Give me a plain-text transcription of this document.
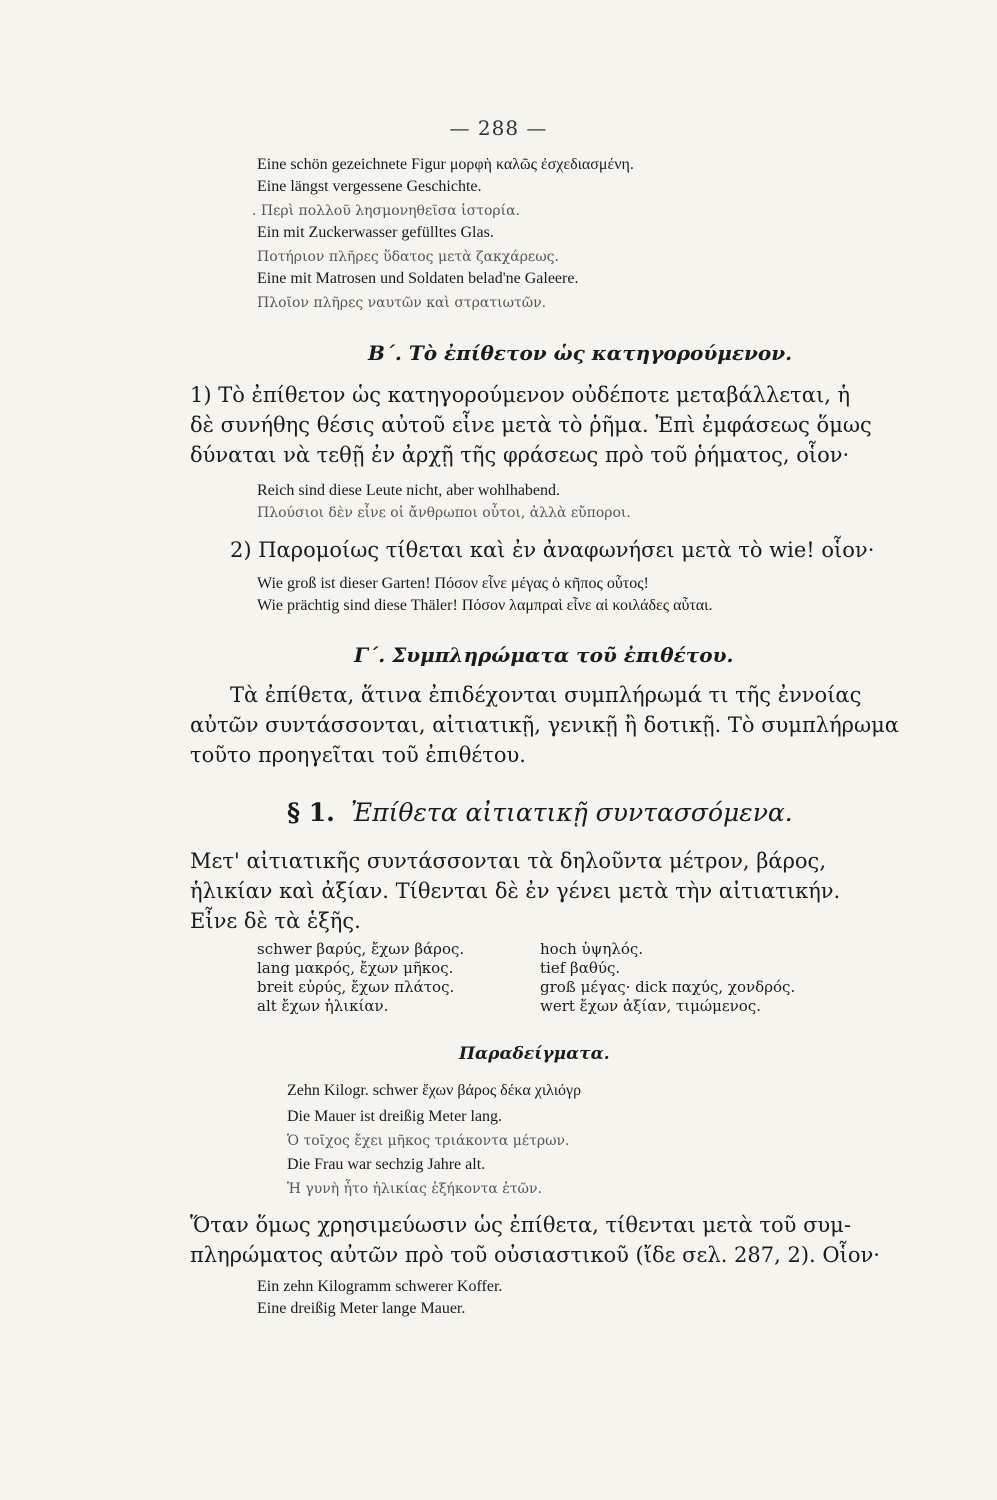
— 288 —
Eine schön gezeichnete Figur μορφὴ καλῶς ἐσχεδιασμένη.
Eine längst vergessene Geschichte.
. Περὶ πολλοῦ λησμονηθεῖσα ἱστορία.
Ein mit Zuckerwasser gefülltes Glas.
Ποτήριον πλῆρες ὕδατος μετὰ ζακχάρεως.
Eine mit Matrosen und Soldaten belad'ne Galeere.
Πλοῖον πλῆρες ναυτῶν καὶ στρατιωτῶν.
Β΄. Τὸ ἐπίθετον ὡς κατηγορούμενον.
1) Τὸ ἐπίθετον ὡς κατηγορούμενον οὐδέποτε μεταβάλλεται, ἡ
δὲ συνήθης θέσις αὐτοῦ εἶνε μετὰ τὸ ῥῆμα. Ἐπὶ ἐμφάσεως ὅμως
δύναται νὰ τεθῇ ἐν ἀρχῇ τῆς φράσεως πρὸ τοῦ ῥήματος, οἷον·
Reich sind diese Leute nicht, aber wohlhabend.
Πλούσιοι δὲν εἶνε οἱ ἄνθρωποι οὗτοι, ἀλλὰ εὔποροι.
2) Παρομοίως τίθεται καὶ ἐν ἀναφωνήσει μετὰ τὸ wie! οἷον·
Wie groß ist dieser Garten! Πόσον εἶνε μέγας ὁ κῆπος οὗτος!
Wie prächtig sind diese Thäler! Πόσον λαμπραὶ εἶνε αἱ κοιλάδες αὗται.
Γ΄. Συμπληρώματα τοῦ ἐπιθέτου.
Τὰ ἐπίθετα, ἅτινα ἐπιδέχονται συμπλήρωμά τι τῆς ἐννοίας
αὐτῶν συντάσσονται, αἰτιατικῇ, γενικῇ ἢ δοτικῇ. Τὸ συμπλήρωμα
τοῦτο προηγεῖται τοῦ ἐπιθέτου.
§ 1. Ἐπίθετα αἰτιατικῇ συντασσόμενα.
Μετ' αἰτιατικῆς συντάσσονται τὰ δηλοῦντα μέτρον, βάρος,
ἡλικίαν καὶ ἀξίαν. Τίθενται δὲ ἐν γένει μετὰ τὴν αἰτιατικήν.
Εἶνε δὲ τὰ ἑξῆς.
schwer βαρύς, ἔχων βάρος.
lang μακρός, ἔχων μῆκος.
breit εὐρύς, ἔχων πλάτος.
alt ἔχων ἡλικίαν.
hoch ὑψηλός.
tief βαθύς.
groß μέγας· dick παχύς, χονδρός.
wert ἔχων ἀξίαν, τιμώμενος.
Παραδείγματα.
Zehn Kilogr. schwer ἔχων βάρος δέκα χιλιόγρ
Die Mauer ist dreißig Meter lang.
Ὁ τοῖχος ἔχει μῆκος τριάκοντα μέτρων.
Die Frau war sechzig Jahre alt.
Ἡ γυνὴ ἦτο ἡλικίας ἑξήκοντα ἐτῶν.
Ὅταν ὅμως χρησιμεύωσιν ὡς ἐπίθετα, τίθενται μετὰ τοῦ συμ-
πληρώματος αὐτῶν πρὸ τοῦ οὐσιαστικοῦ (ἴδε σελ. 287, 2). Οἷον·
Ein zehn Kilogramm schwerer Koffer.
Eine dreißig Meter lange Mauer.
